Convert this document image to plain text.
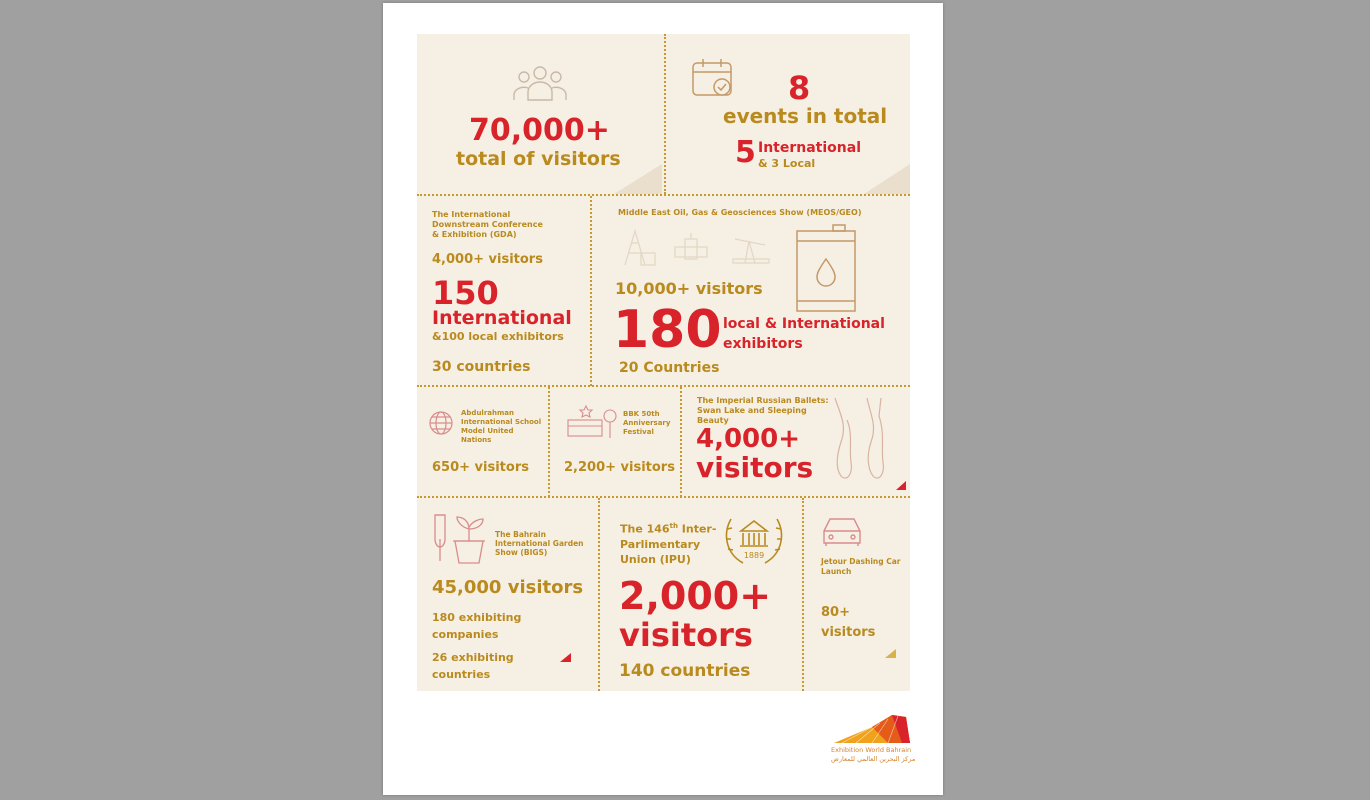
70,000+
total of visitors
8
events in total
5 International
& 3 Local
The International Downstream Conference & Exhibition (GDA)
4,000+ visitors
150
International
&100 local exhibitors
30 countries
Middle East Oil, Gas & Geosciences Show (MEOS/GEO)
10,000+ visitors
180 local & International exhibitors
20 Countries
Abdulrahman International School Model United Nations
650+ visitors
BBK 50th Anniversary Festival
2,200+ visitors
The Imperial Russian Ballets: Swan Lake and Sleeping Beauty
4,000+
visitors
The Bahrain International Garden Show (BIGS)
45,000 visitors
180 exhibiting companies
26 exhibiting countries
The 146th Inter-Parlimentary Union (IPU)	1889
2,000+
visitors
140 countries
Jetour Dashing Car Launch
80+
visitors
Exhibition World Bahrain
مركز البحرين العالمي للمعارض
